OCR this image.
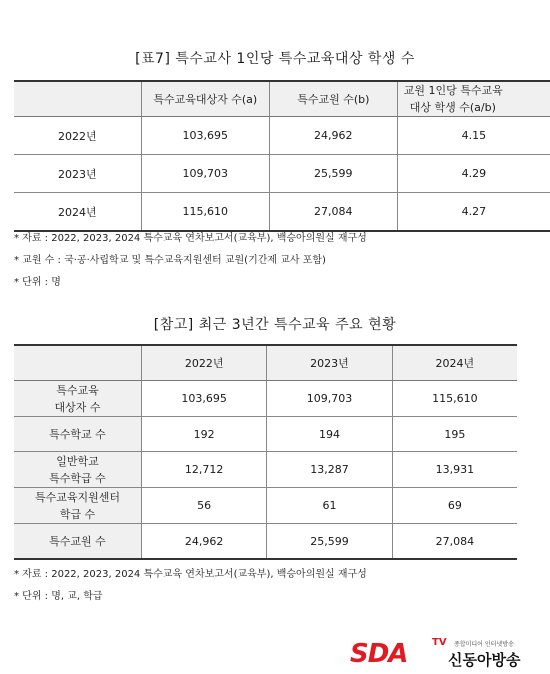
[표7] 특수교사 1인당 특수교육대상 학생 수
	특수교육대상자 수(a)	특수교원 수(b)	교원 1인당 특수교육
대상 학생 수(a/b)
2022년	103,695	24,962	4.15
2023년	109,703	25,599	4.29
2024년	115,610	27,084	4.27
* 자료 : 2022, 2023, 2024 특수교육 연차보고서(교육부), 백승아의원실 재구성
* 교원 수 : 국·공·사립학교 및 특수교육지원센터 교원(기간제 교사 포함)
* 단위 : 명
[참고] 최근 3년간 특수교육 주요 현황
	2022년	2023년	2024년
특수교육
대상자 수	103,695	109,703	115,610
특수학교 수	192	194	195
일반학교
특수학급 수	12,712	13,287	13,931
특수교육지원센터
학급 수	56	61	69
특수교원 수	24,962	25,599	27,084
* 자료 : 2022, 2023, 2024 특수교육 연차보고서(교육부), 백승아의원실 재구성
* 단위 : 명, 교, 학급
SDA TV 종합미디어 인터넷방송
신동아방송
